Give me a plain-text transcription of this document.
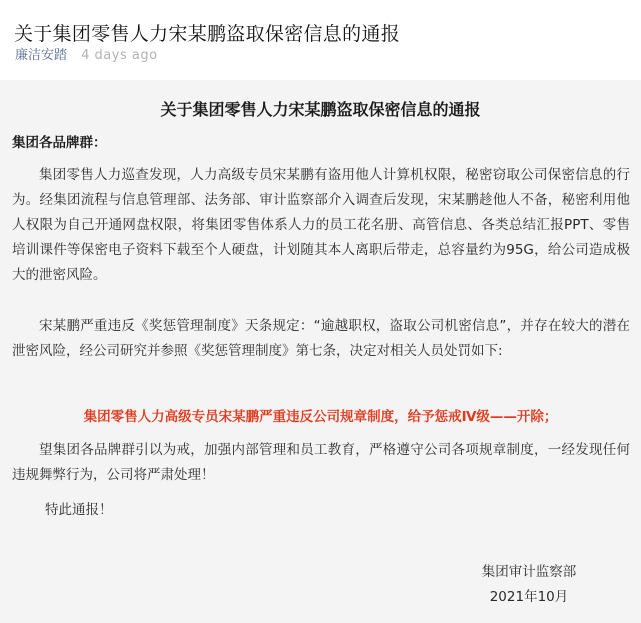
关于集团零售人力宋某鹏盗取保密信息的通报
廉洁安踏 4 days ago
关于集团零售人力宋某鹏盗取保密信息的通报
集团各品牌群：

集团零售人力巡查发现，人力高级专员宋某鹏有盗用他人计算机权限，秘密窃取公司保密信息的行为。经集团流程与信息管理部、法务部、审计监察部介入调查后发现，宋某鹏趁他人不备，秘密利用他人权限为自己开通网盘权限，将集团零售体系人力的员工花名册、高管信息、各类总结汇报PPT、零售培训课件等保密电子资料下载至个人硬盘，计划随其本人离职后带走，总容量约为95G，给公司造成极大的泄密风险。

宋某鹏严重违反《奖惩管理制度》天条规定：“逾越职权，盗取公司机密信息”，并存在较大的潜在泄密风险，经公司研究并参照《奖惩管理制度》第七条，决定对相关人员处罚如下:

集团零售人力高级专员宋某鹏严重违反公司规章制度，给予惩戒Ⅳ级——开除；

望集团各品牌群引以为戒，加强内部管理和员工教育，严格遵守公司各项规章制度，一经发现任何违规舞弊行为，公司将严肃处理！

特此通报！
集团审计监察部
2021年10月
